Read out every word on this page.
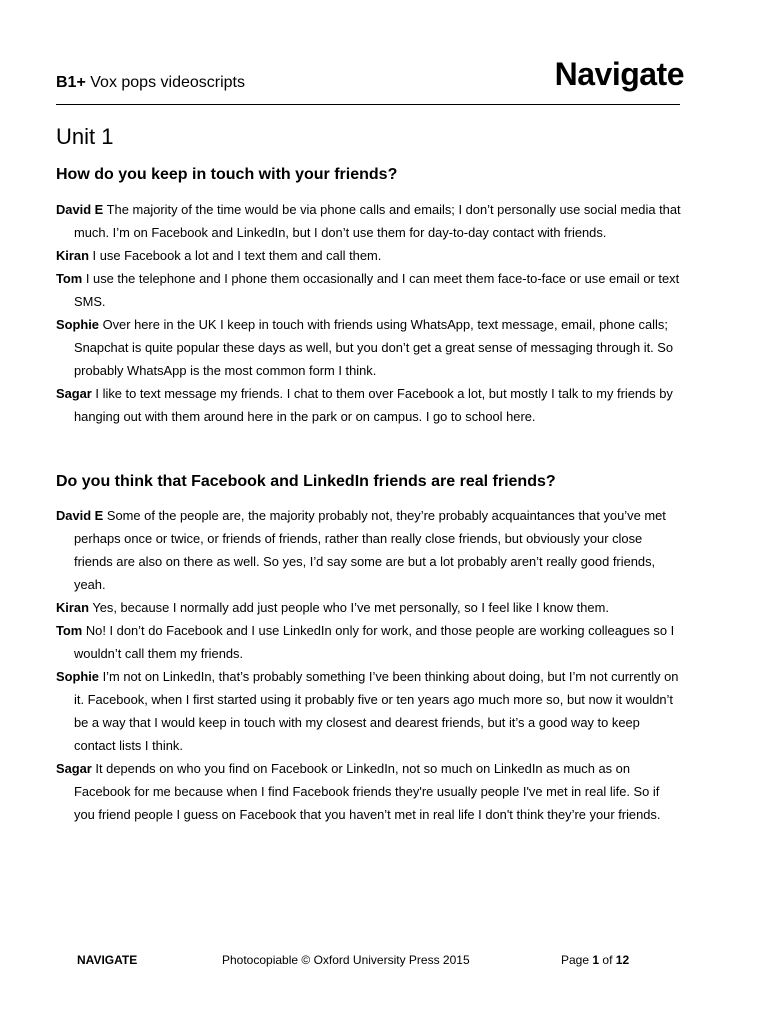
B1+ Vox pops videoscripts	Navigate
Unit 1
How do you keep in touch with your friends?

David E The majority of the time would be via phone calls and emails; I don’t personally use social media that much. I’m on Facebook and LinkedIn, but I don’t use them for day-to-day contact with friends.

Kiran I use Facebook a lot and I text them and call them.

Tom I use the telephone and I phone them occasionally and I can meet them face-to-face or use email or text SMS.

Sophie Over here in the UK I keep in touch with friends using WhatsApp, text message, email, phone calls; Snapchat is quite popular these days as well, but you don’t get a great sense of messaging through it. So probably WhatsApp is the most common form I think.

Sagar I like to text message my friends. I chat to them over Facebook a lot, but mostly I talk to my friends by hanging out with them around here in the park or on campus. I go to school here.

Do you think that Facebook and LinkedIn friends are real friends?

David E Some of the people are, the majority probably not, they’re probably acquaintances that you’ve met perhaps once or twice, or friends of friends, rather than really close friends, but obviously your close friends are also on there as well. So yes, I’d say some are but a lot probably aren’t really good friends, yeah.

Kiran Yes, because I normally add just people who I’ve met personally, so I feel like I know them.

Tom No! I don’t do Facebook and I use LinkedIn only for work, and those people are working colleagues so I wouldn’t call them my friends.

Sophie I’m not on LinkedIn, that’s probably something I’ve been thinking about doing, but I’m not currently on it. Facebook, when I first started using it probably five or ten years ago much more so, but now it wouldn’t be a way that I would keep in touch with my closest and dearest friends, but it’s a good way to keep contact lists I think.

Sagar It depends on who you find on Facebook or LinkedIn, not so much on LinkedIn as much as on Facebook for me because when I find Facebook friends they're usually people I've met in real life. So if you friend people I guess on Facebook that you haven’t met in real life I don't think they’re your friends.

NAVIGATE	Photocopiable © Oxford University Press 2015	Page 1 of 12
